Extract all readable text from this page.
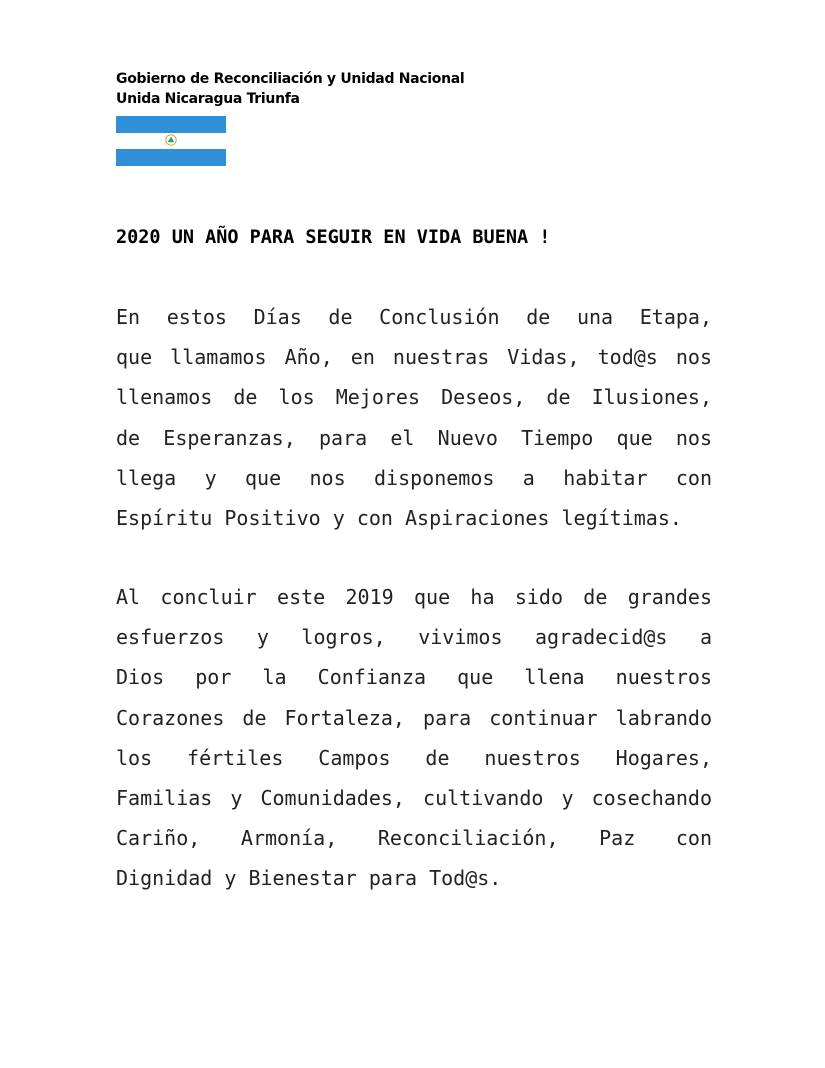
Gobierno de Reconciliación y Unidad Nacional
Unida Nicaragua Triunfa
2020 UN AÑO PARA SEGUIR EN VIDA BUENA !
En estos Días de Conclusión de una Etapa,
que llamamos Año, en nuestras Vidas, tod@s nos
llenamos de los Mejores Deseos, de Ilusiones,
de Esperanzas, para el Nuevo Tiempo que nos
llega y que nos disponemos a habitar con
Espíritu Positivo y con Aspiraciones legítimas.
Al concluir este 2019 que ha sido de grandes
esfuerzos y logros, vivimos agradecid@s a
Dios por la Confianza que llena nuestros
Corazones de Fortaleza, para continuar labrando
los fértiles Campos de nuestros Hogares,
Familias y Comunidades, cultivando y cosechando
Cariño, Armonía, Reconciliación, Paz con
Dignidad y Bienestar para Tod@s.
